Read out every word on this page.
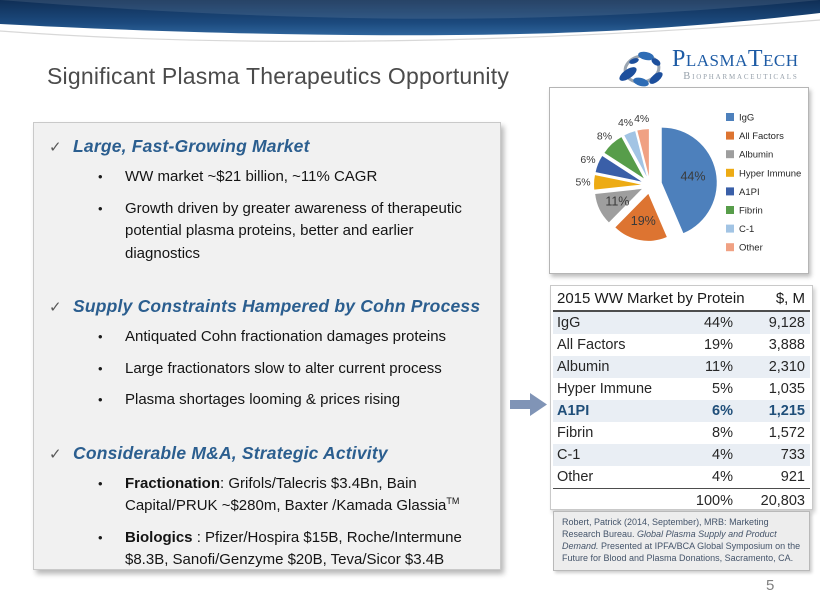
PlasmaTech
Biopharmaceuticals
Significant Plasma Therapeutics Opportunity
✓ Large, Fast-Growing Market
•	WW market ~$21 billion, ~11% CAGR
•	Growth driven by greater awareness of therapeutic potential plasma proteins, better and earlier diagnostics
✓ Supply Constraints Hampered by Cohn Process
•	Antiquated Cohn fractionation damages proteins
•	Large fractionators slow to alter current process
•	Plasma shortages looming & prices rising
✓ Considerable M&A, Strategic Activity
•	Fractionation: Grifols/Talecris $3.4Bn, Bain Capital/PRUK ~$280m, Baxter /Kamada Glassia™
•	Biologics : Pfizer/Hospira $15B, Roche/Intermune $8.3B, Sanofi/Genzyme $20B, Teva/Sicor $3.4B
44%
19%
11%
5%
6%
8%
4% 4%	IgG
All Factors
Albumin
Hyper Immune
A1PI
Fibrin
C-1
Other
2015 WW Market by Protein $, M
IgG	44%	9,128
All Factors	19%	3,888
Albumin	11%	2,310
Hyper Immune	5%	1,035
A1PI	6%	1,215
Fibrin	8%	1,572
C-1	4%	733
Other	4%	921
100%	20,803
Robert, Patrick (2014, September), MRB: Marketing Research Bureau. Global Plasma Supply and Product Demand. Presented at IPFA/BCA Global Symposium on the Future for Blood and Plasma Donations, Sacramento, CA.
5
